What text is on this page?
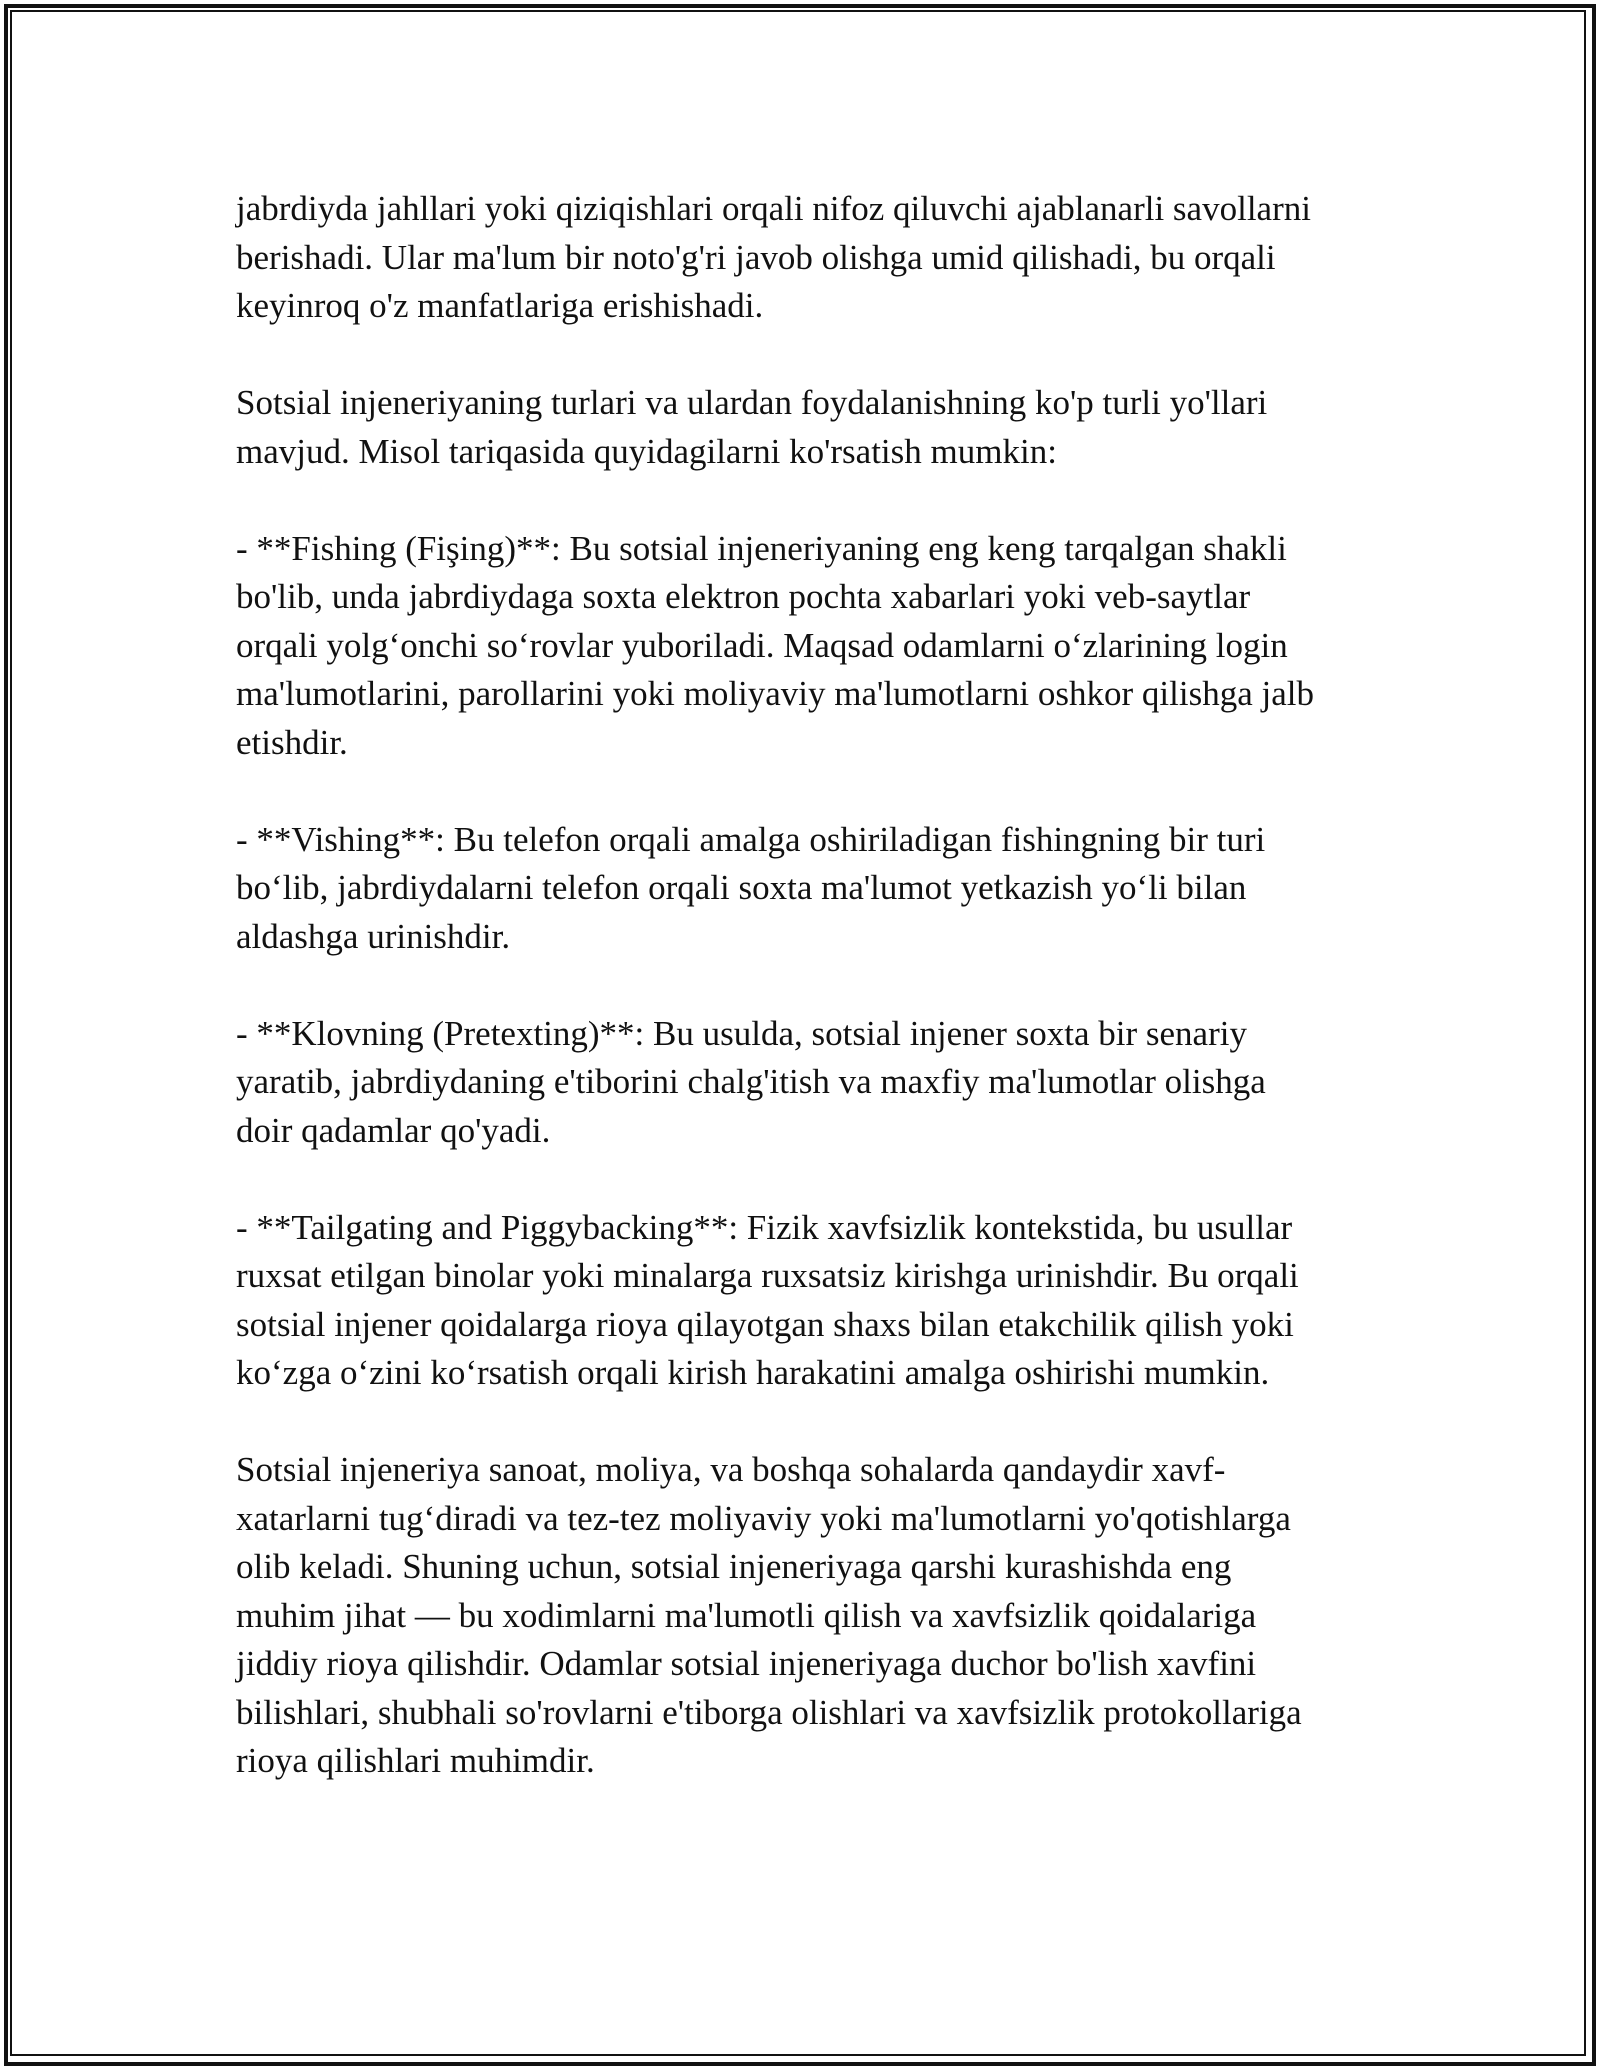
jabrdiyda jahllari yoki qiziqishlari orqali nifoz qiluvchi ajablanarli savollarni
berishadi. Ular ma'lum bir noto'g'ri javob olishga umid qilishadi, bu orqali
keyinroq o'z manfatlariga erishishadi.

Sotsial injeneriyaning turlari va ulardan foydalanishning ko'p turli yo'llari
mavjud. Misol tariqasida quyidagilarni ko'rsatish mumkin:

- **Fishing (Fişing)**: Bu sotsial injeneriyaning eng keng tarqalgan shakli
bo'lib, unda jabrdiydaga soxta elektron pochta xabarlari yoki veb-saytlar
orqali yolg‘onchi so‘rovlar yuboriladi. Maqsad odamlarni o‘zlarining login
ma'lumotlarini, parollarini yoki moliyaviy ma'lumotlarni oshkor qilishga jalb
etishdir.

- **Vishing**: Bu telefon orqali amalga oshiriladigan fishingning bir turi
bo‘lib, jabrdiydalarni telefon orqali soxta ma'lumot yetkazish yo‘li bilan
aldashga urinishdir.

- **Klovning (Pretexting)**: Bu usulda, sotsial injener soxta bir senariy
yaratib, jabrdiydaning e'tiborini chalg'itish va maxfiy ma'lumotlar olishga
doir qadamlar qo'yadi.

- **Tailgating and Piggybacking**: Fizik xavfsizlik kontekstida, bu usullar
ruxsat etilgan binolar yoki minalarga ruxsatsiz kirishga urinishdir. Bu orqali
sotsial injener qoidalarga rioya qilayotgan shaxs bilan etakchilik qilish yoki
ko‘zga o‘zini ko‘rsatish orqali kirish harakatini amalga oshirishi mumkin.

Sotsial injeneriya sanoat, moliya, va boshqa sohalarda qandaydir xavf-
xatarlarni tug‘diradi va tez-tez moliyaviy yoki ma'lumotlarni yo'qotishlarga
olib keladi. Shuning uchun, sotsial injeneriyaga qarshi kurashishda eng
muhim jihat — bu xodimlarni ma'lumotli qilish va xavfsizlik qoidalariga
jiddiy rioya qilishdir. Odamlar sotsial injeneriyaga duchor bo'lish xavfini
bilishlari, shubhali so'rovlarni e'tiborga olishlari va xavfsizlik protokollariga
rioya qilishlari muhimdir.
